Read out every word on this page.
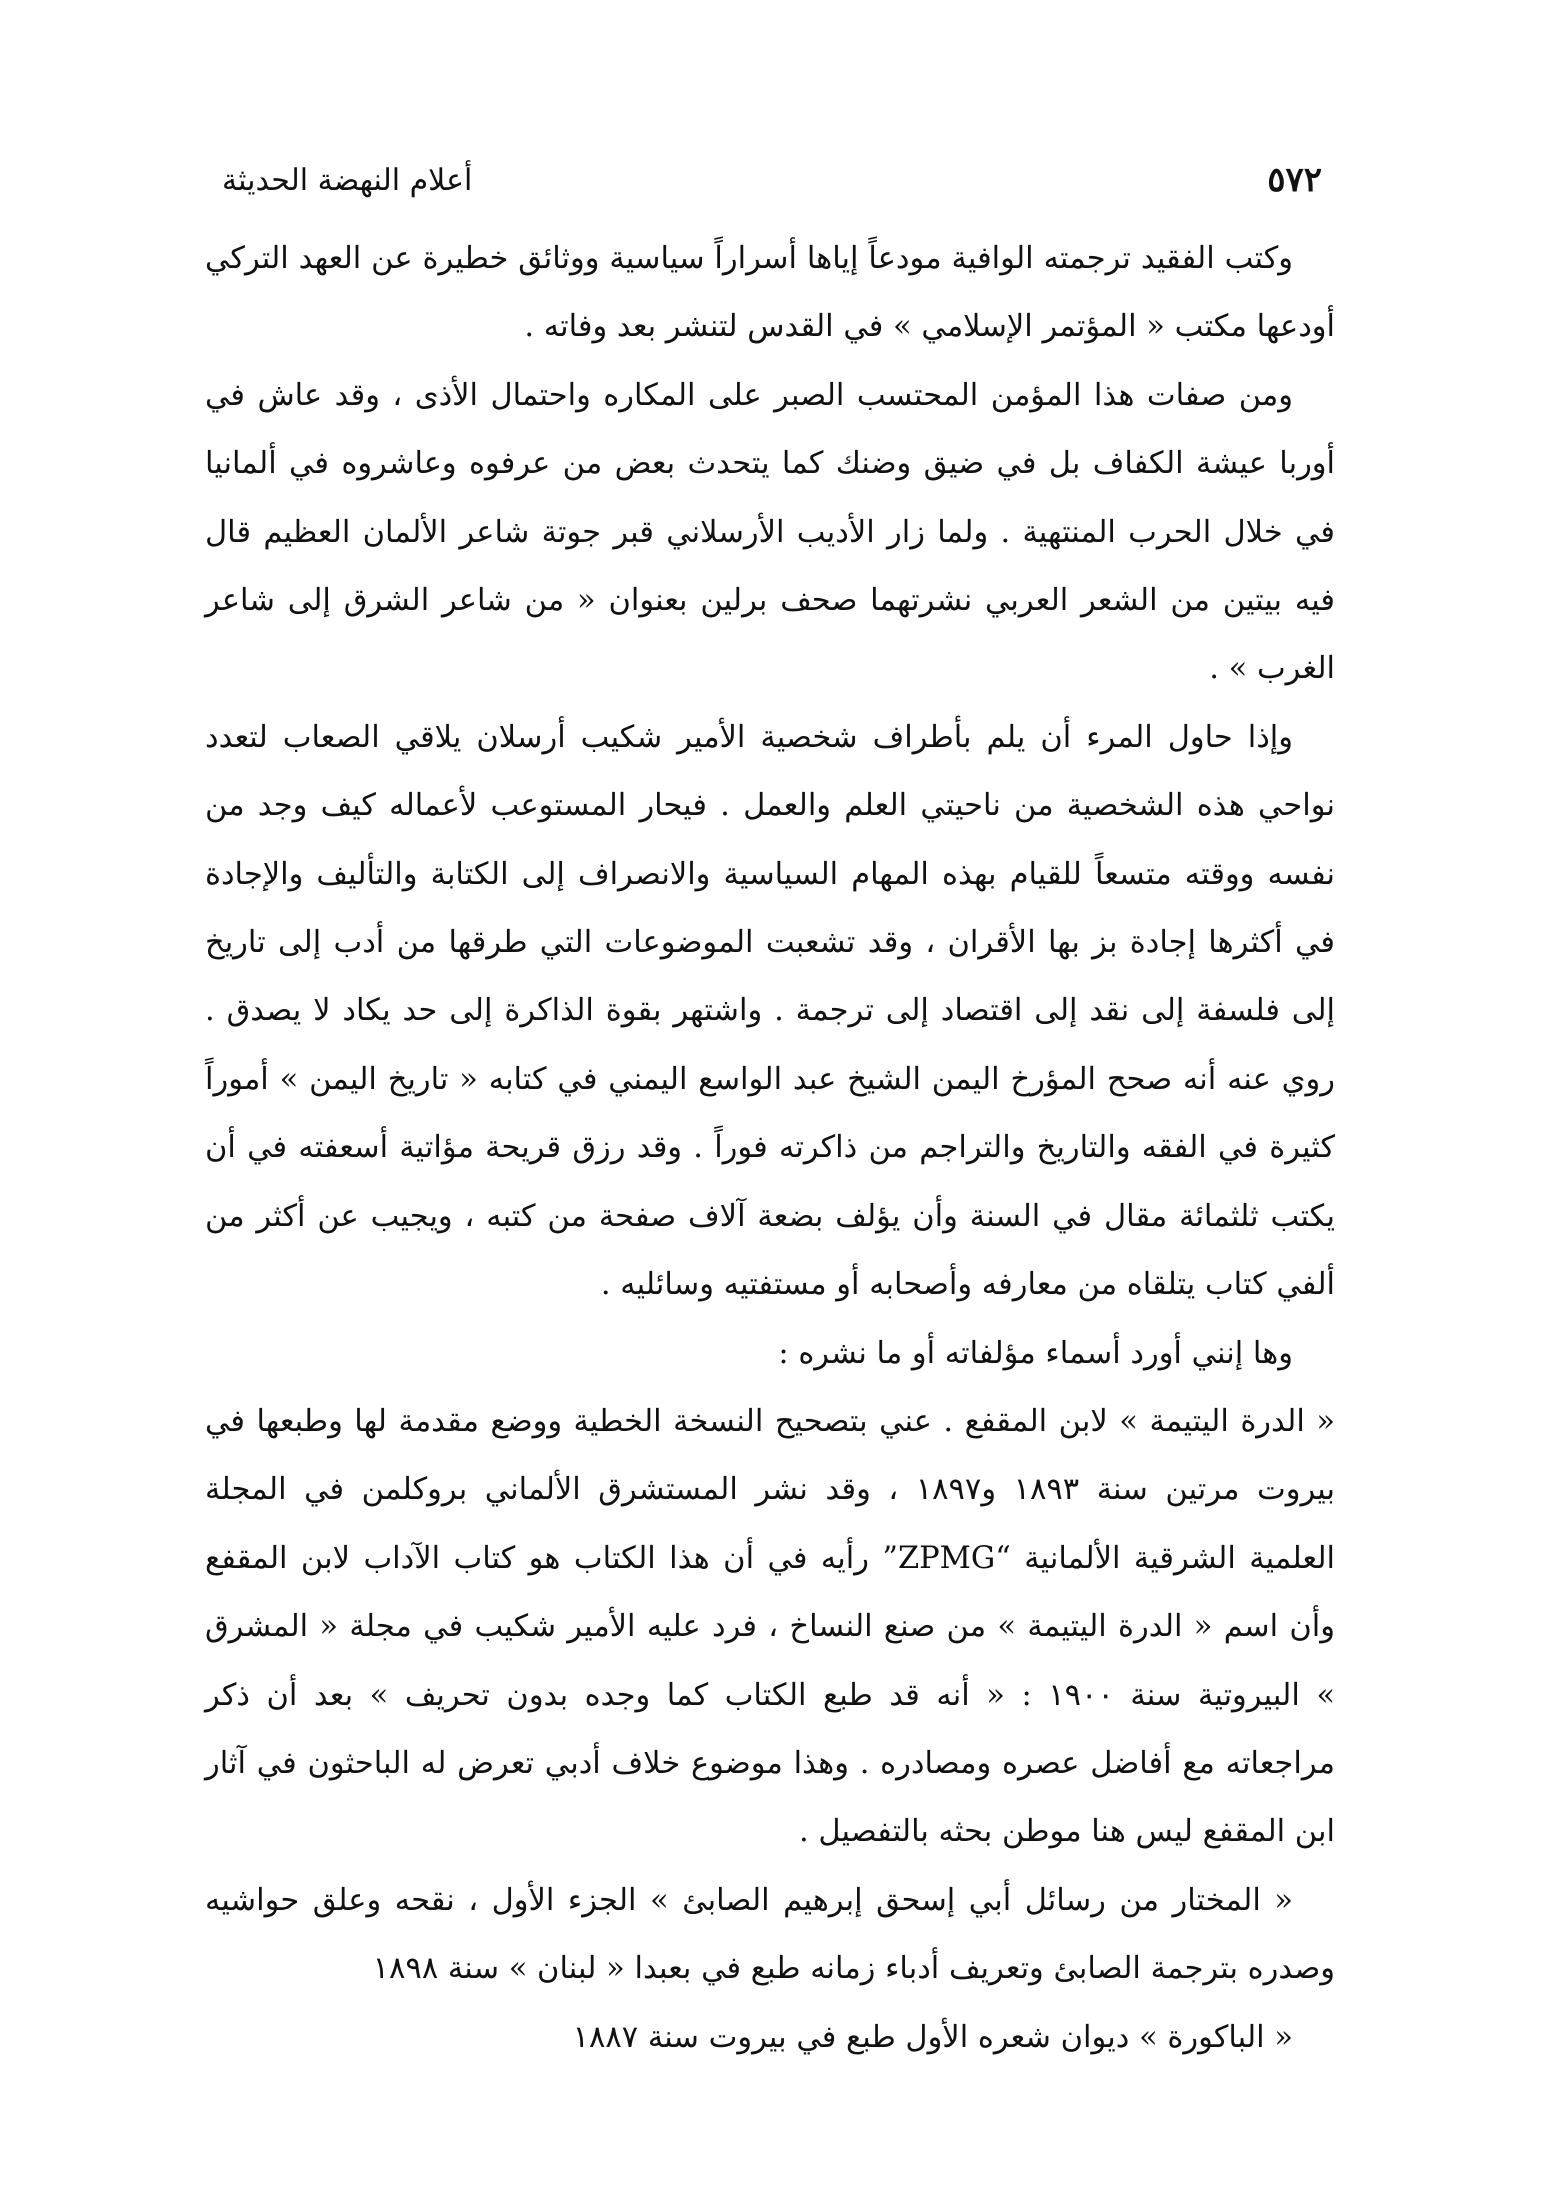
٥٧٢
أعلام النهضة الحديثة

وكتب الفقيد ترجمته الوافية مودعاً إياها أسراراً سياسية ووثائق خطيرة عن العهد التركي أودعها مكتب « المؤتمر الإسلامي » في القدس لتنشر بعد وفاته .

ومن صفات هذا المؤمن المحتسب الصبر على المكاره واحتمال الأذى ، وقد عاش في أوربا عيشة الكفاف بل في ضيق وضنك كما يتحدث بعض من عرفوه وعاشروه في ألمانيا في خلال الحرب المنتهية . ولما زار الأديب الأرسلاني قبر جوتة شاعر الألمان العظيم قال فيه بيتين من الشعر العربي نشرتهما صحف برلين بعنوان « من شاعر الشرق إلى شاعر الغرب » .

وإذا حاول المرء أن يلم بأطراف شخصية الأمير شكيب أرسلان يلاقي الصعاب لتعدد نواحي هذه الشخصية من ناحيتي العلم والعمل . فيحار المستوعب لأعماله كيف وجد من نفسه ووقته متسعاً للقيام بهذه المهام السياسية والانصراف إلى الكتابة والتأليف والإجادة في أكثرها إجادة بز بها الأقران ، وقد تشعبت الموضوعات التي طرقها من أدب إلى تاريخ إلى فلسفة إلى نقد إلى اقتصاد إلى ترجمة . واشتهر بقوة الذاكرة إلى حد يكاد لا يصدق . روي عنه أنه صحح المؤرخ اليمن الشيخ عبد الواسع اليمني في كتابه « تاريخ اليمن » أموراً كثيرة في الفقه والتاريخ والتراجم من ذاكرته فوراً . وقد رزق قريحة مؤاتية أسعفته في أن يكتب ثلثمائة مقال في السنة وأن يؤلف بضعة آلاف صفحة من كتبه ، ويجيب عن أكثر من ألفي كتاب يتلقاه من معارفه وأصحابه أو مستفتيه وسائليه .

وها إنني أورد أسماء مؤلفاته أو ما نشره :

« الدرة اليتيمة » لابن المقفع . عني بتصحيح النسخة الخطية ووضع مقدمة لها وطبعها في بيروت مرتين سنة ١٨٩٣ و١٨٩٧ ، وقد نشر المستشرق الألماني بروكلمن في المجلة العلمية الشرقية الألمانية “ZPMG” رأيه في أن هذا الكتاب هو كتاب الآداب لابن المقفع وأن اسم « الدرة اليتيمة » من صنع النساخ ، فرد عليه الأمير شكيب في مجلة « المشرق » البيروتية سنة ١٩٠٠ : « أنه قد طبع الكتاب كما وجده بدون تحريف » بعد أن ذكر مراجعاته مع أفاضل عصره ومصادره . وهذا موضوع خلاف أدبي تعرض له الباحثون في آثار ابن المقفع ليس هنا موطن بحثه بالتفصيل .

« المختار من رسائل أبي إسحق إبرهيم الصابئ » الجزء الأول ، نقحه وعلق حواشيه وصدره بترجمة الصابئ وتعريف أدباء زمانه طبع في بعبدا « لبنان » سنة ١٨٩٨

« الباكورة » ديوان شعره الأول طبع في بيروت سنة ١٨٨٧
